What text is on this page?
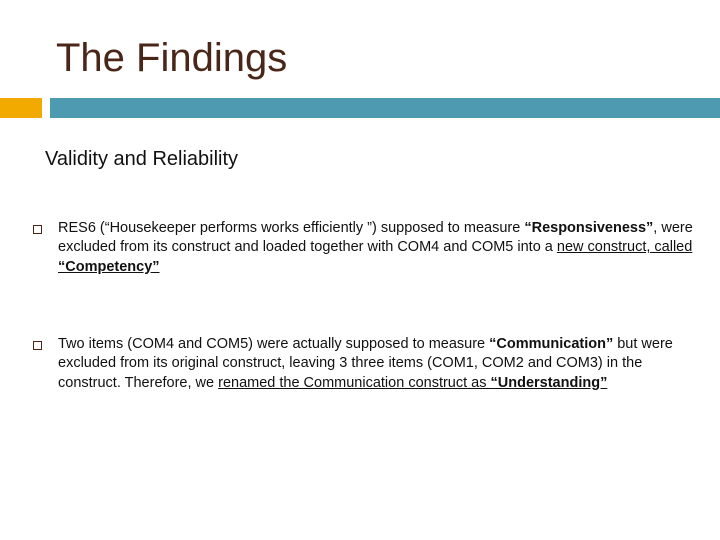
The Findings
Validity and Reliability
RES6 (“Housekeeper performs works efficiently ”) supposed to measure “Responsiveness”, were excluded from its construct and loaded together with COM4 and COM5 into a new construct, called “Competency”
Two items (COM4 and COM5) were actually supposed to measure “Communication” but were excluded from its original construct, leaving 3 three items (COM1, COM2 and COM3) in the construct. Therefore, we renamed the Communication construct as “Understanding”
